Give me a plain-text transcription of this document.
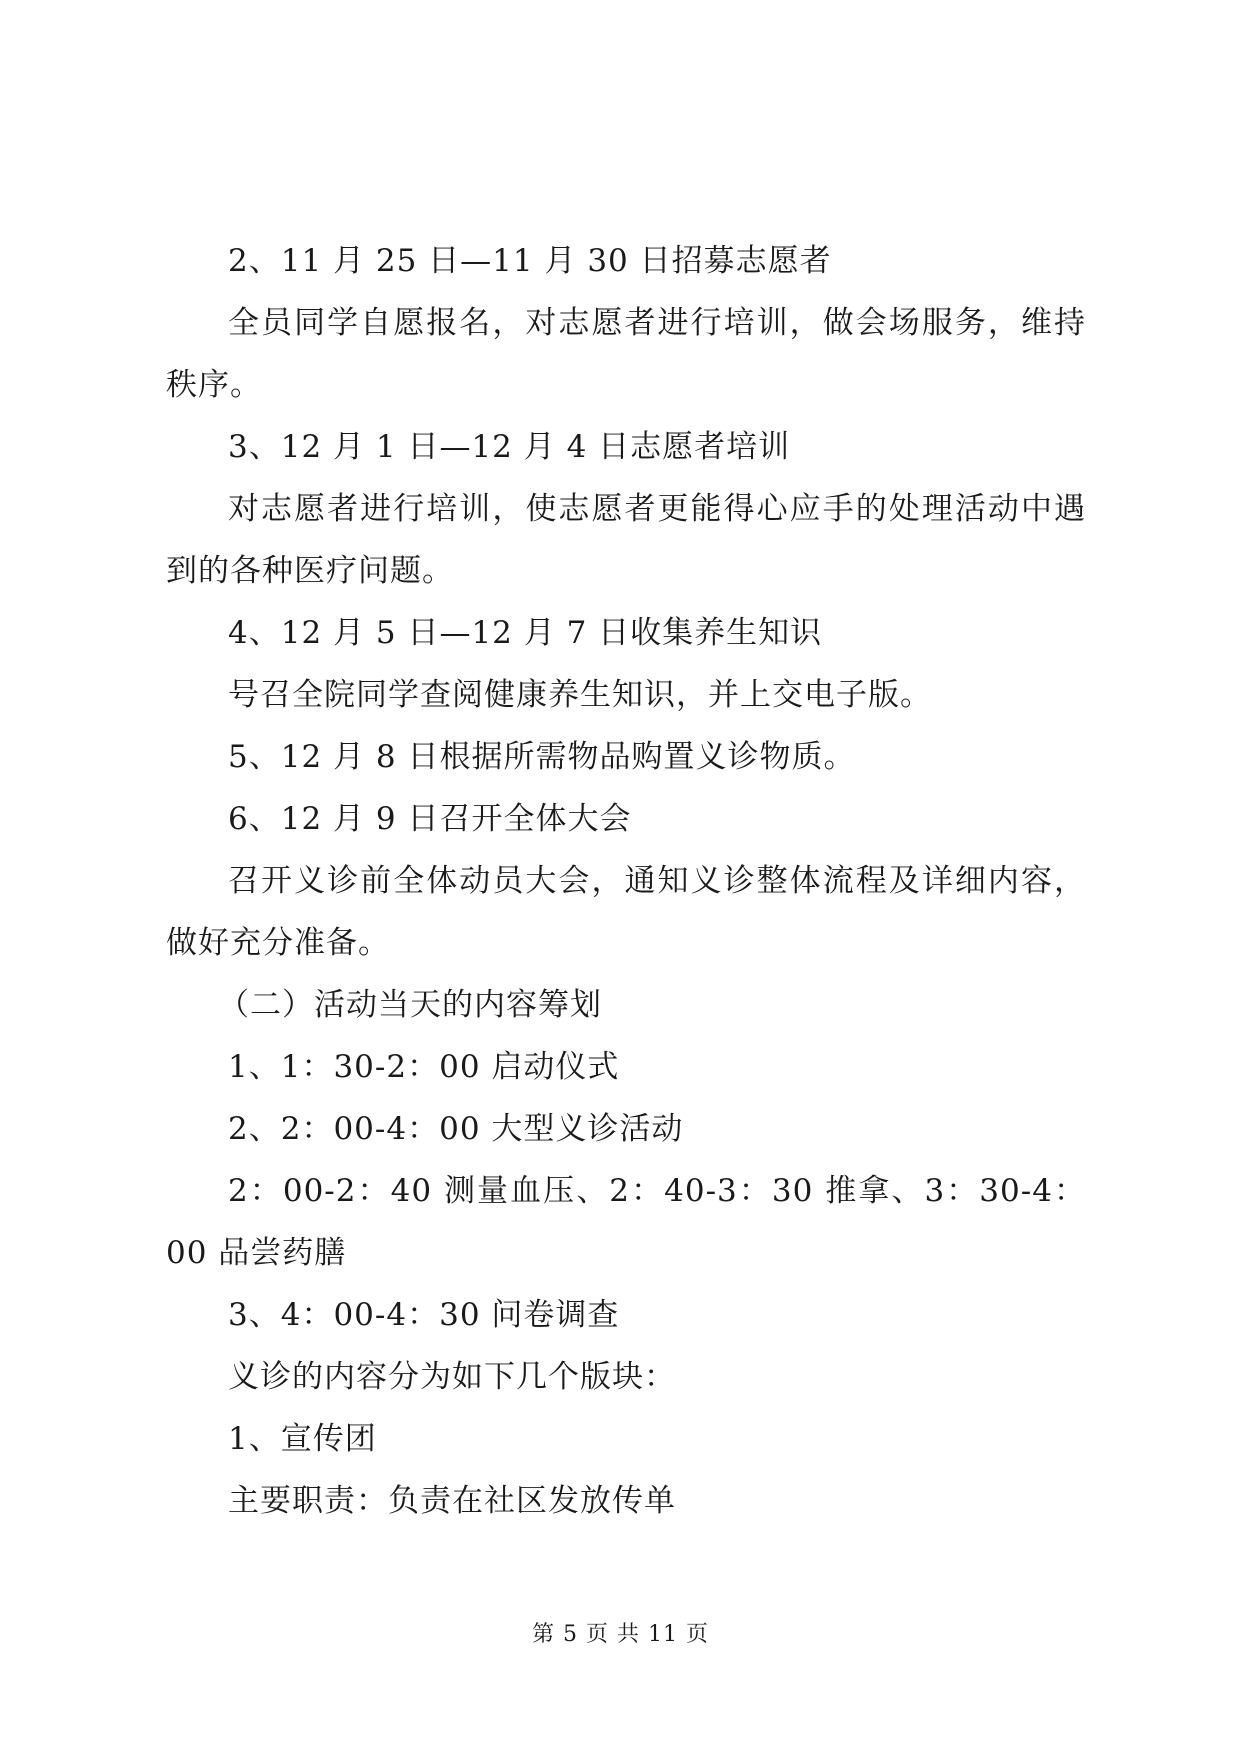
2、11 月 25 日—11 月 30 日招募志愿者

全员同学自愿报名，对志愿者进行培训，做会场服务，维持秩序。

3、12 月 1 日—12 月 4 日志愿者培训

对志愿者进行培训，使志愿者更能得心应手的处理活动中遇到的各种医疗问题。

4、12 月 5 日—12 月 7 日收集养生知识

号召全院同学查阅健康养生知识，并上交电子版。

5、12 月 8 日根据所需物品购置义诊物质。

6、12 月 9 日召开全体大会

召开义诊前全体动员大会，通知义诊整体流程及详细内容，做好充分准备。

（二）活动当天的内容筹划

1、1：30-2：00 启动仪式

2、2：00-4：00 大型义诊活动

2：00-2：40 测量血压、2：40-3：30 推拿、3：30-4：00 品尝药膳

3、4：00-4：30 问卷调查

义诊的内容分为如下几个版块：

1、宣传团

主要职责：负责在社区发放传单

第 5 页 共 11 页
